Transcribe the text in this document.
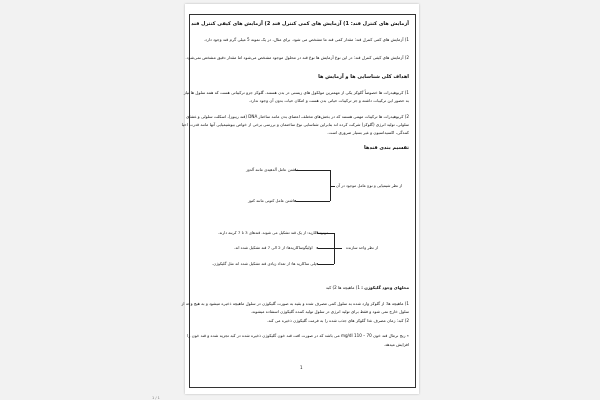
آزمایش های کنترل قند: 1) آزمایش های کمی کنترل قند 2) آزمایش های کیفی کنترل قند
1) آزمایش های کمی کنترل قند: مقدار کمی قند ما مشخص می شود. برای مثال، در یک نمونه 5 میلی گرم قند وجود دارد.
2) آزمایش های کیفی کنترل قند: در این نوع آزمایش ها نوع قند در محلول موجود مشخص می‌شود اما مقدار دقیق مشخص نمی‌شود.
اهداف کلی شناسایی ها و آزمایش ها
1) کربوهیدرات ها خصوصاً گلوکز یکی از مهمترین مولکول های زیستی در بدن هستند. گلوکز جزو ترکیباتی هست که همه سلول ها نیاز
به حضور این ترکیبات داشته و جز ترکیبات حیاتی بدن هست و امکان حیات بدون آن وجود ندارد.
2) کربوهیدرات ها ترکیبات مهمی هستند که در بخش‌های مختلف اعضای بدن مانند ساختار DNA (قند ریبوز)، اسکلت سلولی و غشای
سلولی، تولید انرژی (گلوکز) شرکت کرده اند بنابراین شناسایی نوع ساختمان و بررسی برخی از خواص بیوشیمیایی آنها مانند قدرت احیا
کنندگی، اکسیداسیون و غیر بسیار ضروری است.
تقسیم بندی قندها
داشتن عامل آلدهیدی مانند آلدوز
داشتن عامل کتونی مانند کتوز
از نظر شیمیایی و نوع عامل موجود در آن
مونوساکارید: از یک قند تشکیل می شوند. قندهای 3 تا 7 کربنه دارند.
اولیگوساکاریدها: از 2 الی 7 قند تشکیل شده اند.
پلی ساکارید ها: از تعداد زیادی قند تشکیل شده اند مثل گلیکوژن.
از نظر واحد سازنده
محلهای وجود گلیکوژن : 1) ماهیچه ها 2) کبد
1) ماهیچه ها: از گلوکز وارد شده به سلول کمی مصرف شده و بقیه به صورت گلیکوژن در سلول ماهیچه ذخیره میشود و به هیچ وجه از
سلول خارج نمی شود و فقط برای تولید انرژی در سلول تولید کننده گلیکوژن استفاده میشوند.
2) کبد: زمان مصرف غذا گلوکز های جذب شده را به فرمت گلیکوژن ذخیره می کند.
٭ رنج نرمال قند خون 70 – 110 mg/dl می باشد که در صورت افت قند خون گلیکوژن ذخیره شده در کبد تجزیه شده و قند خون را
افزایش میدهد.
1
1 / 1
